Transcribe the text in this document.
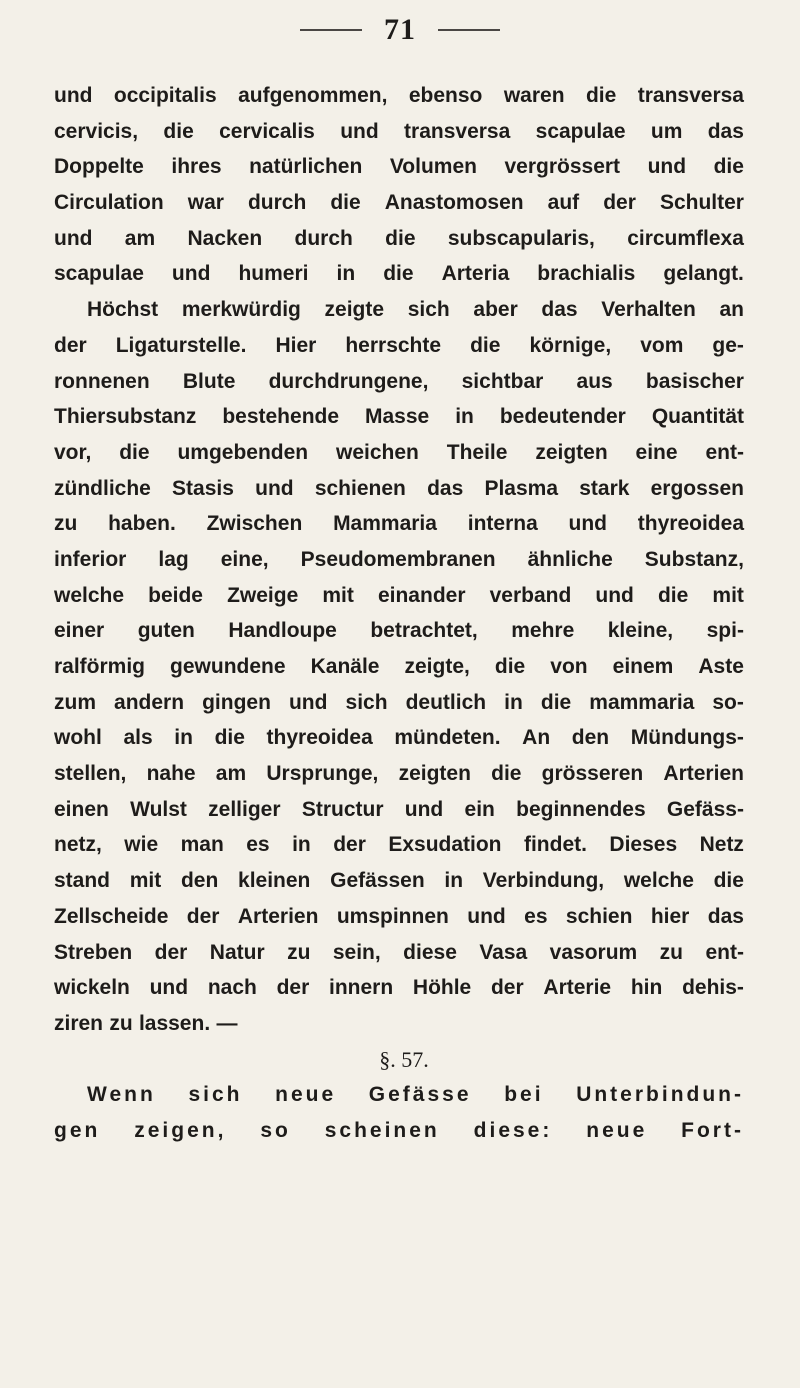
71
und occipitalis aufgenommen, ebenso waren die transversa
cervicis, die cervicalis und transversa scapulae um das
Doppelte ihres natürlichen Volumen vergrössert und die
Circulation war durch die Anastomosen auf der Schulter
und am Nacken durch die subscapularis, circumflexa
scapulae und humeri in die Arteria brachialis gelangt.
Höchst merkwürdig zeigte sich aber das Verhalten an
der Ligaturstelle. Hier herrschte die körnige, vom ge-
ronnenen Blute durchdrungene, sichtbar aus basischer
Thiersubstanz bestehende Masse in bedeutender Quantität
vor, die umgebenden weichen Theile zeigten eine ent-
zündliche Stasis und schienen das Plasma stark ergossen
zu haben. Zwischen Mammaria interna und thyreoidea
inferior lag eine, Pseudomembranen ähnliche Substanz,
welche beide Zweige mit einander verband und die mit
einer guten Handloupe betrachtet, mehre kleine, spi-
ralförmig gewundene Kanäle zeigte, die von einem Aste
zum andern gingen und sich deutlich in die mammaria so-
wohl als in die thyreoidea mündeten. An den Mündungs-
stellen, nahe am Ursprunge, zeigten die grösseren Arterien
einen Wulst zelliger Structur und ein beginnendes Gefäss-
netz, wie man es in der Exsudation findet. Dieses Netz
stand mit den kleinen Gefässen in Verbindung, welche die
Zellscheide der Arterien umspinnen und es schien hier das
Streben der Natur zu sein, diese Vasa vasorum zu ent-
wickeln und nach der innern Höhle der Arterie hin dehis-
ziren zu lassen. —
§. 57.
Wenn sich neue Gefässe bei Unterbindun-
gen zeigen, so scheinen diese: neue Fort-
